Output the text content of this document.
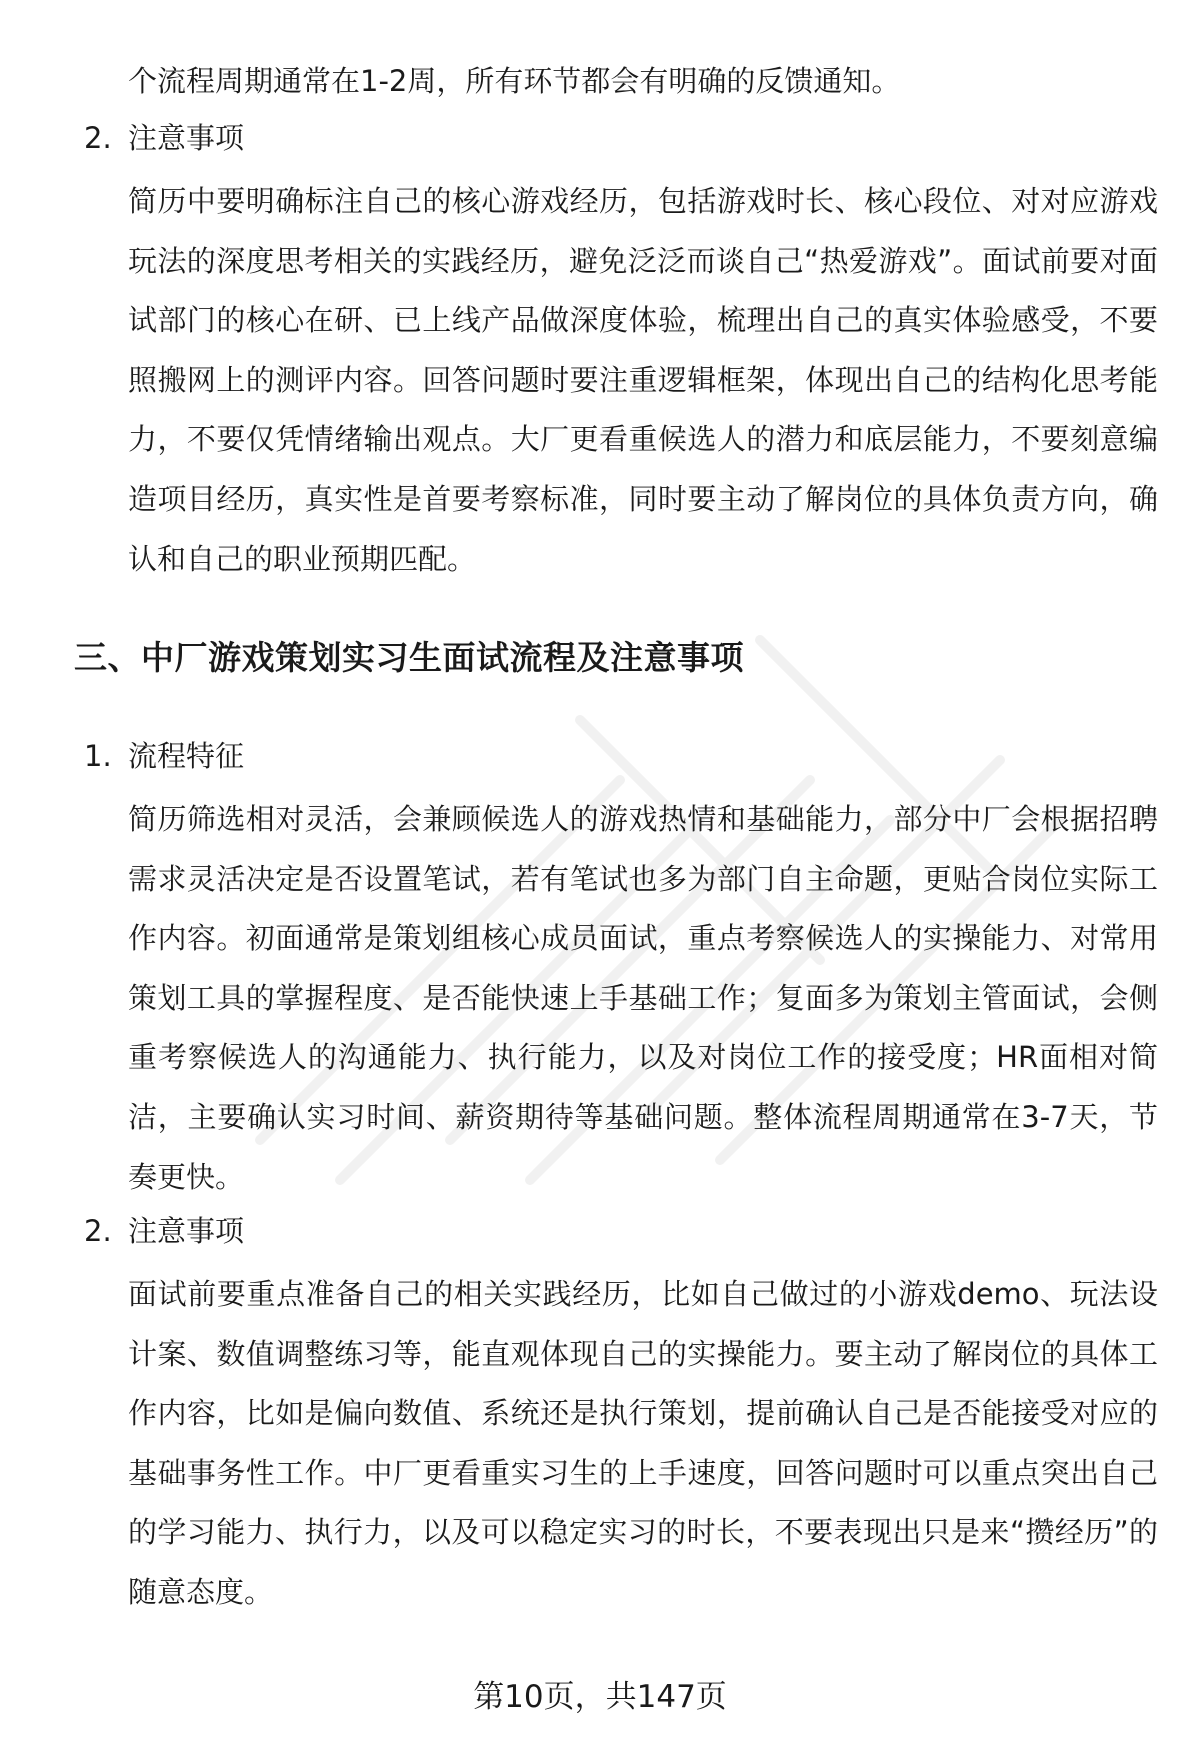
个流程周期通常在1-2周，所有环节都会有明确的反馈通知。

2. 注意事项

简历中要明确标注自己的核心游戏经历，包括游戏时长、核心段位、对对应游戏玩法的深度思考相关的实践经历，避免泛泛而谈自己“热爱游戏”。面试前要对面试部门的核心在研、已上线产品做深度体验，梳理出自己的真实体验感受，不要照搬网上的测评内容。回答问题时要注重逻辑框架，体现出自己的结构化思考能力，不要仅凭情绪输出观点。大厂更看重候选人的潜力和底层能力，不要刻意编造项目经历，真实性是首要考察标准，同时要主动了解岗位的具体负责方向，确认和自己的职业预期匹配。

三、中厂游戏策划实习生面试流程及注意事项

1. 流程特征

简历筛选相对灵活，会兼顾候选人的游戏热情和基础能力，部分中厂会根据招聘需求灵活决定是否设置笔试，若有笔试也多为部门自主命题，更贴合岗位实际工作内容。初面通常是策划组核心成员面试，重点考察候选人的实操能力、对常用策划工具的掌握程度、是否能快速上手基础工作；复面多为策划主管面试，会侧重考察候选人的沟通能力、执行能力，以及对岗位工作的接受度；HR面相对简洁，主要确认实习时间、薪资期待等基础问题。整体流程周期通常在3-7天，节奏更快。

2. 注意事项

面试前要重点准备自己的相关实践经历，比如自己做过的小游戏demo、玩法设计案、数值调整练习等，能直观体现自己的实操能力。要主动了解岗位的具体工作内容，比如是偏向数值、系统还是执行策划，提前确认自己是否能接受对应的基础事务性工作。中厂更看重实习生的上手速度，回答问题时可以重点突出自己的学习能力、执行力，以及可以稳定实习的时长，不要表现出只是来“攒经历”的随意态度。

第10页，共147页
